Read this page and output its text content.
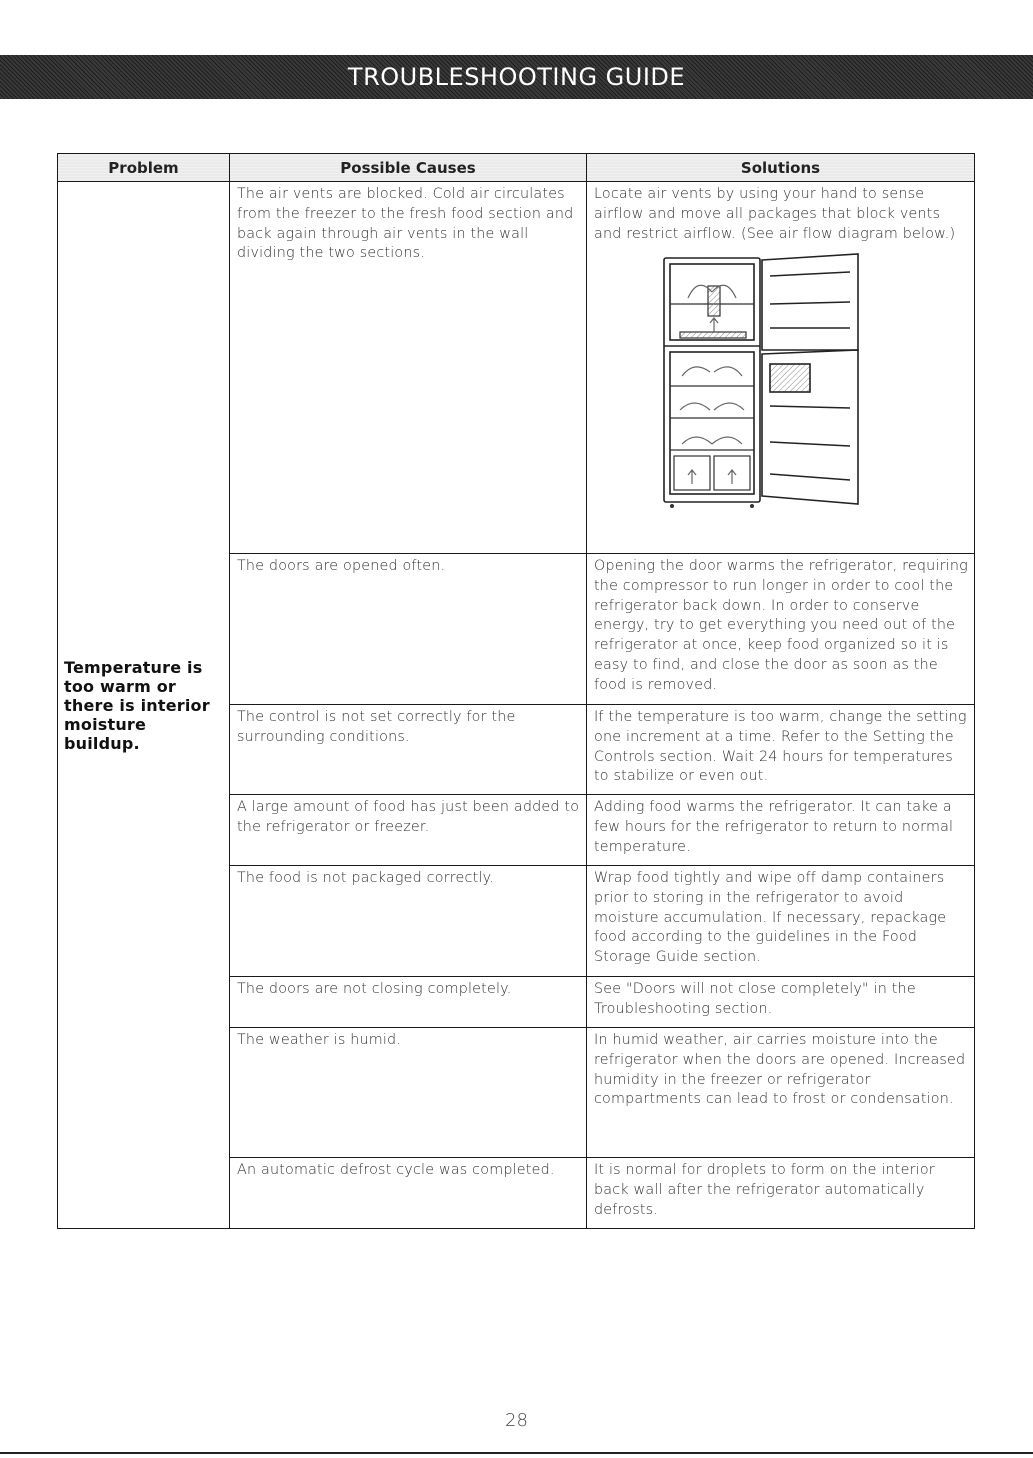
TROUBLESHOOTING GUIDE
Problem	Possible Causes	Solutions
Temperature is too warm or there is interior moisture buildup.	The air vents are blocked. Cold air circulates from the freezer to the fresh food section and back again through air vents in the wall dividing the two sections.	Locate air vents by using your hand to sense airflow and move all packages that block vents and restrict airflow. (See air flow diagram below.)

	The doors are opened often.	Opening the door warms the refrigerator, requiring the compressor to run longer in order to cool the refrigerator back down. In order to conserve energy, try to get everything you need out of the refrigerator at once, keep food organized so it is easy to find, and close the door as soon as the food is removed.
	The control is not set correctly for the surrounding conditions.	If the temperature is too warm, change the setting one increment at a time. Refer to the Setting the Controls section. Wait 24 hours for temperatures to stabilize or even out.
	A large amount of food has just been added to the refrigerator or freezer.	Adding food warms the refrigerator. It can take a few hours for the refrigerator to return to normal temperature.
	The food is not packaged correctly.	Wrap food tightly and wipe off damp containers prior to storing in the refrigerator to avoid moisture accumulation. If necessary, repackage food according to the guidelines in the Food Storage Guide section.
	The doors are not closing completely.	See "Doors will not close completely" in the Troubleshooting section.
	The weather is humid.	In humid weather, air carries moisture into the refrigerator when the doors are opened. Increased humidity in the freezer or refrigerator compartments can lead to frost or condensation.
	An automatic defrost cycle was completed.	It is normal for droplets to form on the interior back wall after the refrigerator automatically defrosts.
28
